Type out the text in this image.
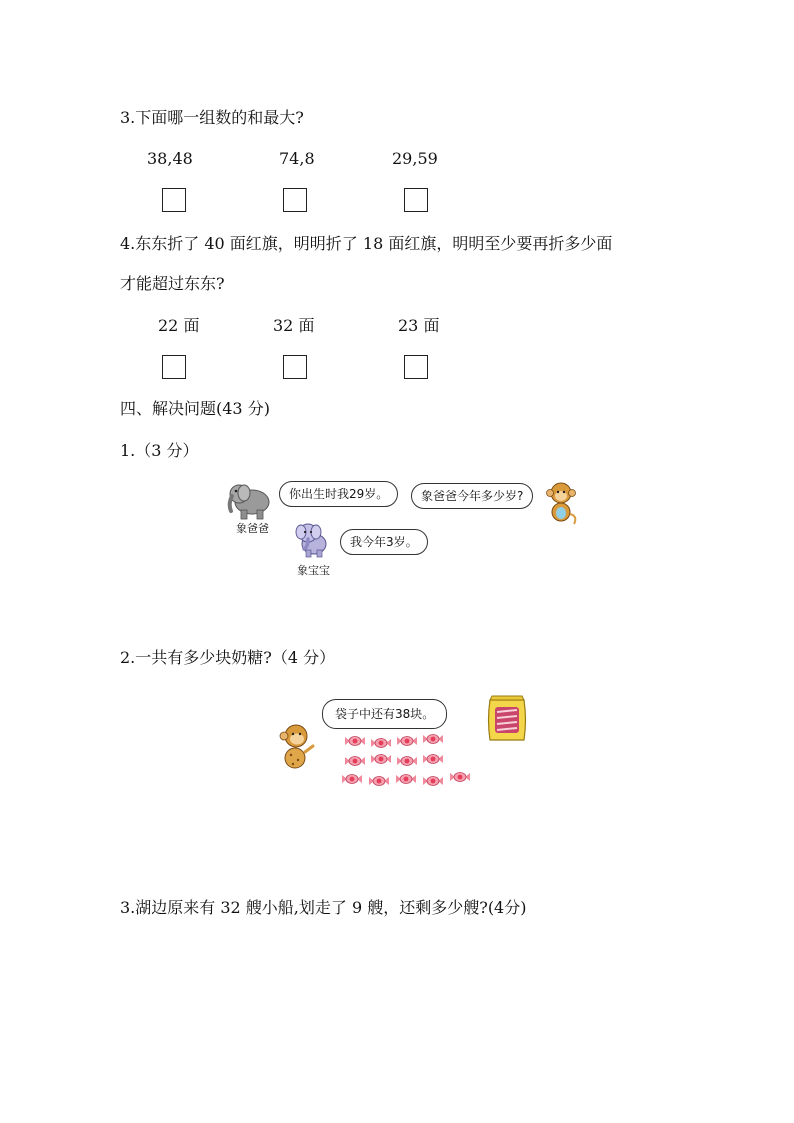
3.下面哪一组数的和最大?
38,48	74,8	29,59
4.东东折了 40 面红旗，明明折了 18 面红旗，明明至少要再折多少面
才能超过东东?
22 面	32 面	23 面
四、解决问题(43 分)
1.（3 分）
象爸爸
你出生时我29岁。	象爸爸今年多少岁?
象宝宝
我今年3岁。
2.一共有多少块奶糖?（4 分）
袋子中还有38块。
3.湖边原来有 32 艘小船,划走了 9 艘，还剩多少艘?(4分)
